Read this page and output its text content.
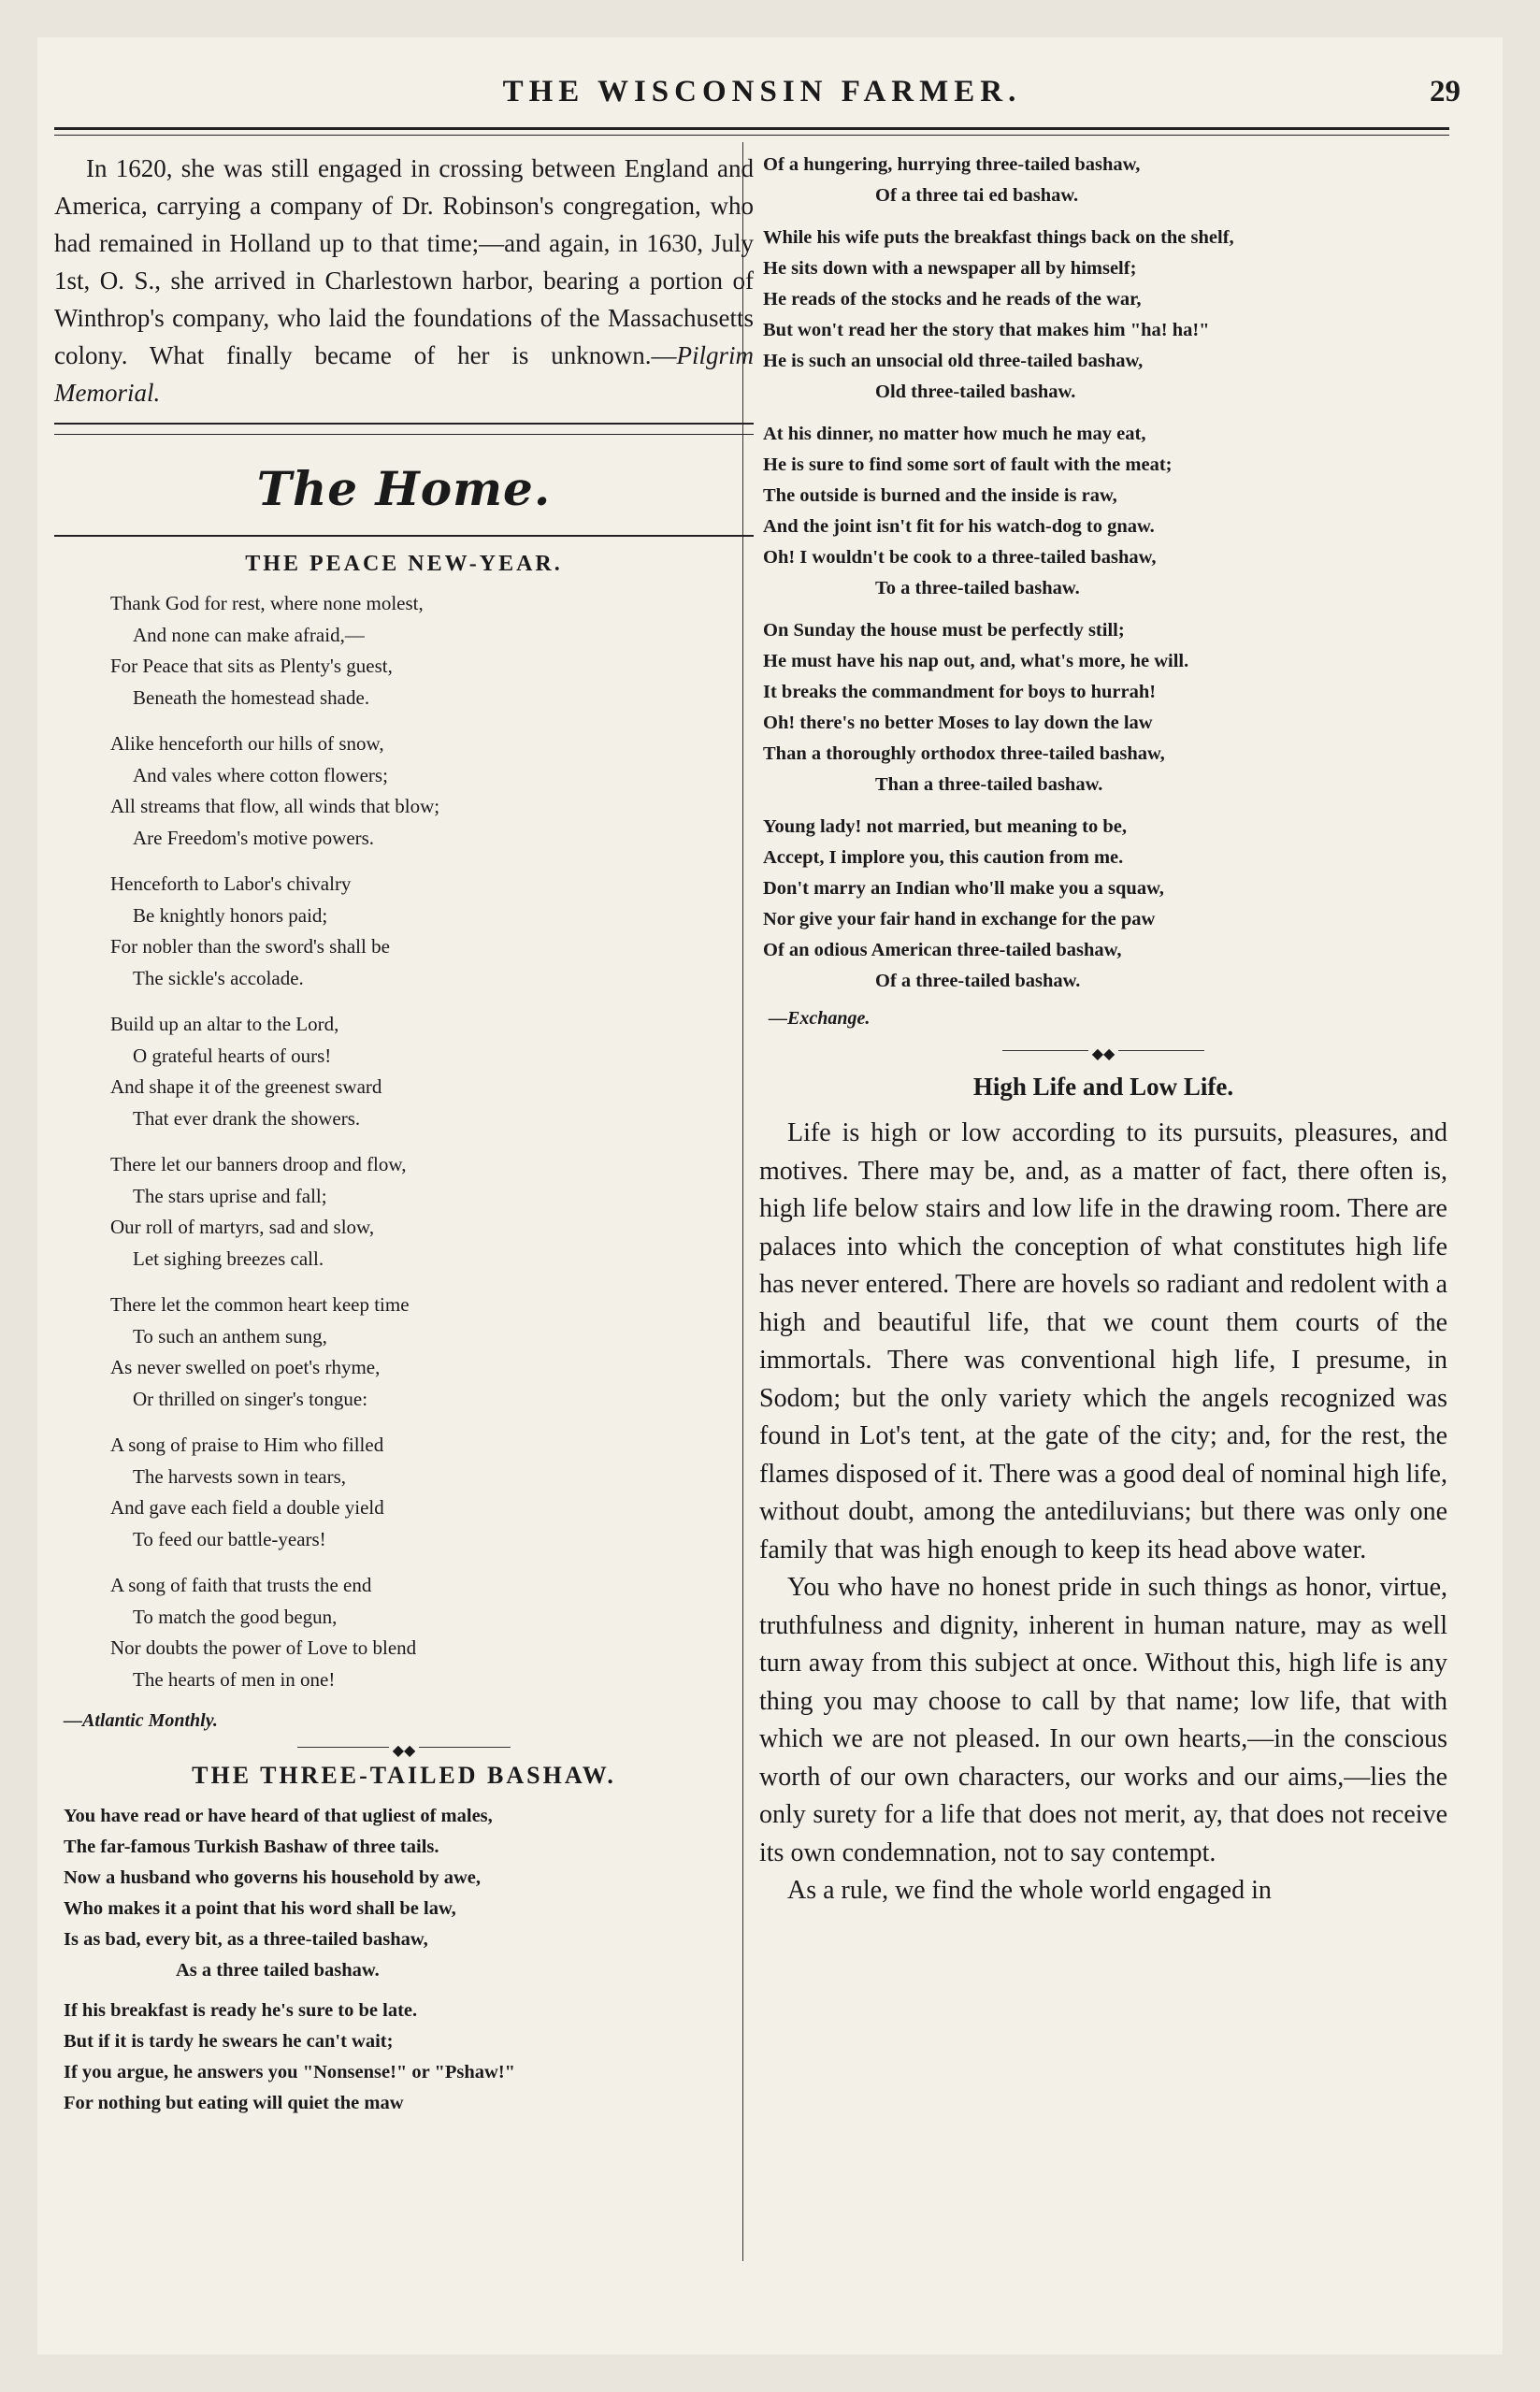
THE WISCONSIN FARMER.	29

In 1620, she was still engaged in crossing between England and America, carrying a company of Dr. Robinson's congregation, who had remained in Holland up to that time;—and again, in 1630, July 1st, O. S., she arrived in Charlestown harbor, bearing a portion of Winthrop's company, who laid the foundations of the Massachusetts colony. What finally became of her is unknown.—Pilgrim Memorial.

The Home.
THE PEACE NEW-YEAR.
Thank God for rest, where none molest,
And none can make afraid,—
For Peace that sits as Plenty's guest,
Beneath the homestead shade.
Alike henceforth our hills of snow,
And vales where cotton flowers;
All streams that flow, all winds that blow;
Are Freedom's motive powers.
Henceforth to Labor's chivalry
Be knightly honors paid;
For nobler than the sword's shall be
The sickle's accolade.
Build up an altar to the Lord,
O grateful hearts of ours!
And shape it of the greenest sward
That ever drank the showers.
There let our banners droop and flow,
The stars uprise and fall;
Our roll of martyrs, sad and slow,
Let sighing breezes call.
There let the common heart keep time
To such an anthem sung,
As never swelled on poet's rhyme,
Or thrilled on singer's tongue:
A song of praise to Him who filled
The harvests sown in tears,
And gave each field a double yield
To feed our battle-years!
A song of faith that trusts the end
To match the good begun,
Nor doubts the power of Love to blend
The hearts of men in one!
—Atlantic Monthly.
◆◆
THE THREE-TAILED BASHAW.
You have read or have heard of that ugliest of males,
The far-famous Turkish Bashaw of three tails.
Now a husband who governs his household by awe,
Who makes it a point that his word shall be law,
Is as bad, every bit, as a three-tailed bashaw,
As a three tailed bashaw.
If his breakfast is ready he's sure to be late.
But if it is tardy he swears he can't wait;
If you argue, he answers you "Nonsense!" or "Pshaw!"
For nothing but eating will quiet the maw
Of a hungering, hurrying three-tailed bashaw,
Of a three tai ed bashaw.
While his wife puts the breakfast things back on the shelf,
He sits down with a newspaper all by himself;
He reads of the stocks and he reads of the war,
But won't read her the story that makes him "ha! ha!"
He is such an unsocial old three-tailed bashaw,
Old three-tailed bashaw.
At his dinner, no matter how much he may eat,
He is sure to find some sort of fault with the meat;
The outside is burned and the inside is raw,
And the joint isn't fit for his watch-dog to gnaw.
Oh! I wouldn't be cook to a three-tailed bashaw,
To a three-tailed bashaw.
On Sunday the house must be perfectly still;
He must have his nap out, and, what's more, he will.
It breaks the commandment for boys to hurrah!
Oh! there's no better Moses to lay down the law
Than a thoroughly orthodox three-tailed bashaw,
Than a three-tailed bashaw.
Young lady! not married, but meaning to be,
Accept, I implore you, this caution from me.
Don't marry an Indian who'll make you a squaw,
Nor give your fair hand in exchange for the paw
Of an odious American three-tailed bashaw,
Of a three-tailed bashaw.
—Exchange.
◆◆
High Life and Low Life.

Life is high or low according to its pursuits, pleasures, and motives. There may be, and, as a matter of fact, there often is, high life below stairs and low life in the drawing room. There are palaces into which the conception of what constitutes high life has never entered. There are hovels so radiant and redolent with a high and beautiful life, that we count them courts of the immortals. There was conventional high life, I presume, in Sodom; but the only variety which the angels recognized was found in Lot's tent, at the gate of the city; and, for the rest, the flames disposed of it. There was a good deal of nominal high life, without doubt, among the antediluvians; but there was only one family that was high enough to keep its head above water.

You who have no honest pride in such things as honor, virtue, truthfulness and dignity, inherent in human nature, may as well turn away from this subject at once. Without this, high life is any thing you may choose to call by that name; low life, that with which we are not pleased. In our own hearts,—in the conscious worth of our own characters, our works and our aims,—lies the only surety for a life that does not merit, ay, that does not receive its own condemnation, not to say contempt.

As a rule, we find the whole world engaged in
